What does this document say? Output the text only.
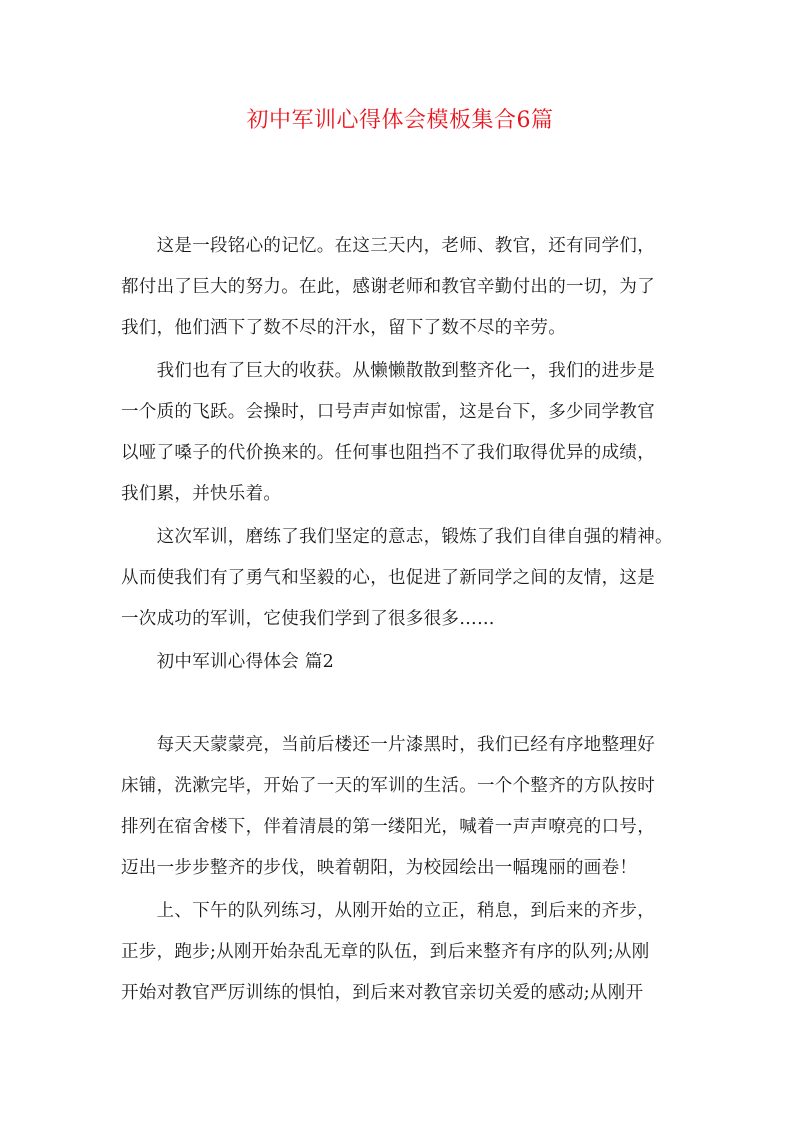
初中军训心得体会模板集合6篇
　　这是一段铭心的记忆。在这三天内，老师、教官，还有同学们，
都付出了巨大的努力。在此，感谢老师和教官辛勤付出的一切，为了
我们，他们洒下了数不尽的汗水，留下了数不尽的辛劳。
　　我们也有了巨大的收获。从懒懒散散到整齐化一，我们的进步是
一个质的飞跃。会操时，口号声声如惊雷，这是台下，多少同学教官
以哑了嗓子的代价换来的。任何事也阻挡不了我们取得优异的成绩，
我们累，并快乐着。
　　这次军训，磨练了我们坚定的意志，锻炼了我们自律自强的精神。
从而使我们有了勇气和坚毅的心，也促进了新同学之间的友情，这是
一次成功的军训，它使我们学到了很多很多……
　　初中军训心得体会 篇2
　　每天天蒙蒙亮，当前后楼还一片漆黑时，我们已经有序地整理好
床铺，洗漱完毕，开始了一天的军训的生活。一个个整齐的方队按时
排列在宿舍楼下，伴着清晨的第一缕阳光，喊着一声声嘹亮的口号，
迈出一步步整齐的步伐，映着朝阳，为校园绘出一幅瑰丽的画卷！
　　上、下午的队列练习，从刚开始的立正，稍息，到后来的齐步，
正步，跑步;从刚开始杂乱无章的队伍，到后来整齐有序的队列;从刚
开始对教官严厉训练的惧怕，到后来对教官亲切关爱的感动;从刚开
